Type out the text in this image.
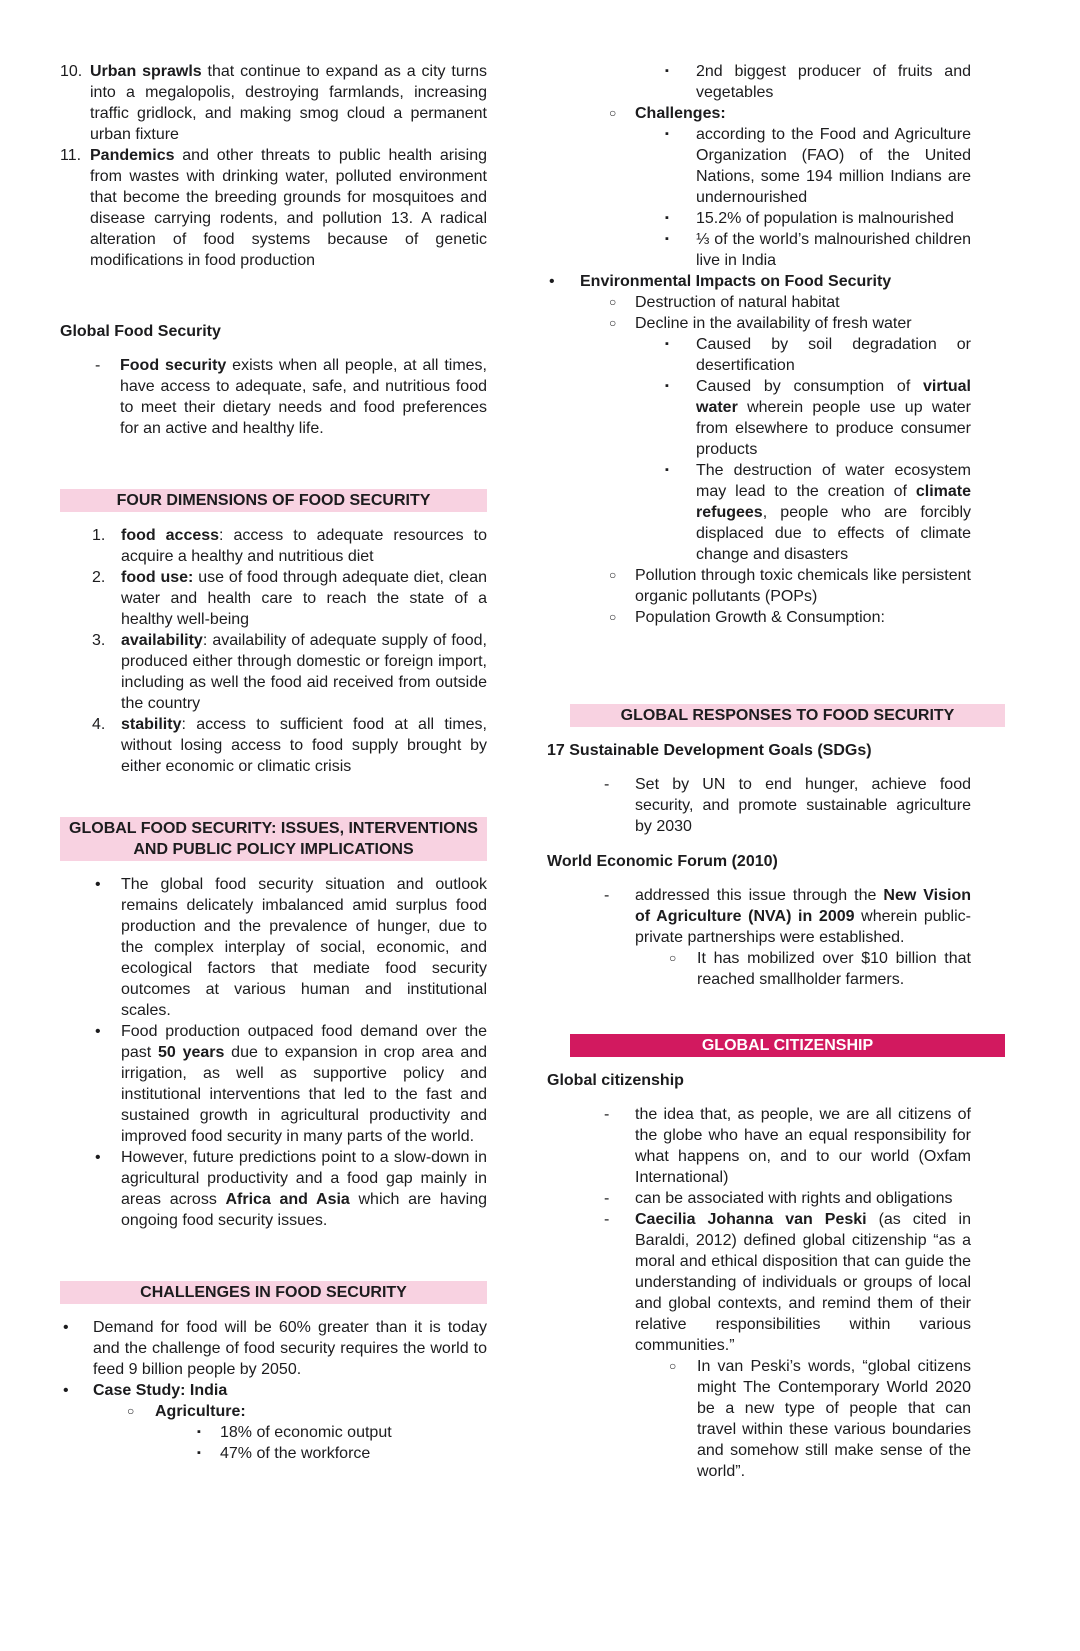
10. Urban sprawls that continue to expand as a city turns into a megalopolis, destroying farmlands, increasing traffic gridlock, and making smog cloud a permanent urban fixture
11. Pandemics and other threats to public health arising from wastes with drinking water, polluted environment that become the breeding grounds for mosquitoes and disease carrying rodents, and pollution 13. A radical alteration of food systems because of genetic modifications in food production
Global Food Security
-	Food security exists when all people, at all times, have access to adequate, safe, and nutritious food to meet their dietary needs and food preferences for an active and healthy life.
FOUR DIMENSIONS OF FOOD SECURITY
1. food access: access to adequate resources to acquire a healthy and nutritious diet
2. food use: use of food through adequate diet, clean water and health care to reach the state of a healthy well-being
3. availability: availability of adequate supply of food, produced either through domestic or foreign import, including as well the food aid received from outside the country
4. stability: access to sufficient food at all times, without losing access to food supply brought by either economic or climatic crisis
GLOBAL FOOD SECURITY: ISSUES, INTERVENTIONS AND PUBLIC POLICY IMPLICATIONS
•	The global food security situation and outlook remains delicately imbalanced amid surplus food production and the prevalence of hunger, due to the complex interplay of social, economic, and ecological factors that mediate food security outcomes at various human and institutional scales.
•	Food production outpaced food demand over the past 50 years due to expansion in crop area and irrigation, as well as supportive policy and institutional interventions that led to the fast and sustained growth in agricultural productivity and improved food security in many parts of the world.
•	However, future predictions point to a slow-down in agricultural productivity and a food gap mainly in areas across Africa and Asia which are having ongoing food security issues.
CHALLENGES IN FOOD SECURITY
•	Demand for food will be 60% greater than it is today and the challenge of food security requires the world to feed 9 billion people by 2050.
•	Case Study: India
○	Agriculture:
▪	18% of economic output
▪	47% of the workforce
▪	2nd biggest producer of fruits and vegetables
○	Challenges:
▪	according to the Food and Agriculture Organization (FAO) of the United Nations, some 194 million Indians are undernourished
▪	15.2% of population is malnourished
▪	⅓ of the world’s malnourished children live in India
•	Environmental Impacts on Food Security
○	Destruction of natural habitat
○	Decline in the availability of fresh water
▪	Caused by soil degradation or desertification
▪	Caused by consumption of virtual water wherein people use up water from elsewhere to produce consumer products
▪	The destruction of water ecosystem may lead to the creation of climate refugees, people who are forcibly displaced due to effects of climate change and disasters
○	Pollution through toxic chemicals like persistent organic pollutants (POPs)
○	Population Growth & Consumption:
GLOBAL RESPONSES TO FOOD SECURITY
17 Sustainable Development Goals (SDGs)
-	Set by UN to end hunger, achieve food security, and promote sustainable agriculture by 2030
World Economic Forum (2010)
-	addressed this issue through the New Vision of Agriculture (NVA) in 2009 wherein public-private partnerships were established.
○	It has mobilized over $10 billion that reached smallholder farmers.
GLOBAL CITIZENSHIP
Global citizenship
-	the idea that, as people, we are all citizens of the globe who have an equal responsibility for what happens on, and to our world (Oxfam International)
-	can be associated with rights and obligations
-	Caecilia Johanna van Peski (as cited in Baraldi, 2012) defined global citizenship “as a moral and ethical disposition that can guide the understanding of individuals or groups of local and global contexts, and remind them of their relative responsibilities within various communities.”
○	In van Peski’s words, “global citizens might The Contemporary World 2020 be a new type of people that can travel within these various boundaries and somehow still make sense of the world”.
